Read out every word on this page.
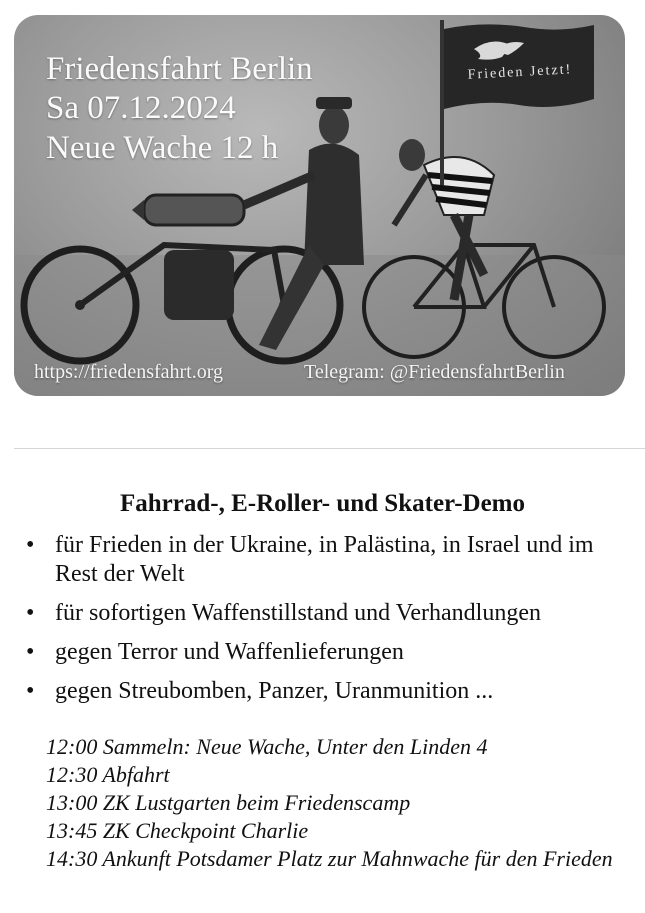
Frieden Jetzt!
Friedensfahrt Berlin
Sa 07.12.2024
Neue Wache 12 h
https://friedensfahrt.org	Telegram: @FriedensfahrtBerlin
Fahrrad-, E-Roller- und Skater-Demo
• für Frieden in der Ukraine, in Palästina, in Israel und im Rest der Welt
• für sofortigen Waffenstillstand und Verhandlungen
• gegen Terror und Waffenlieferungen
• gegen Streubomben, Panzer, Uranmunition ...
12:00 Sammeln: Neue Wache, Unter den Linden 4
12:30 Abfahrt
13:00 ZK Lustgarten beim Friedenscamp
13:45 ZK Checkpoint Charlie
14:30 Ankunft Potsdamer Platz zur Mahnwache für den Frieden
